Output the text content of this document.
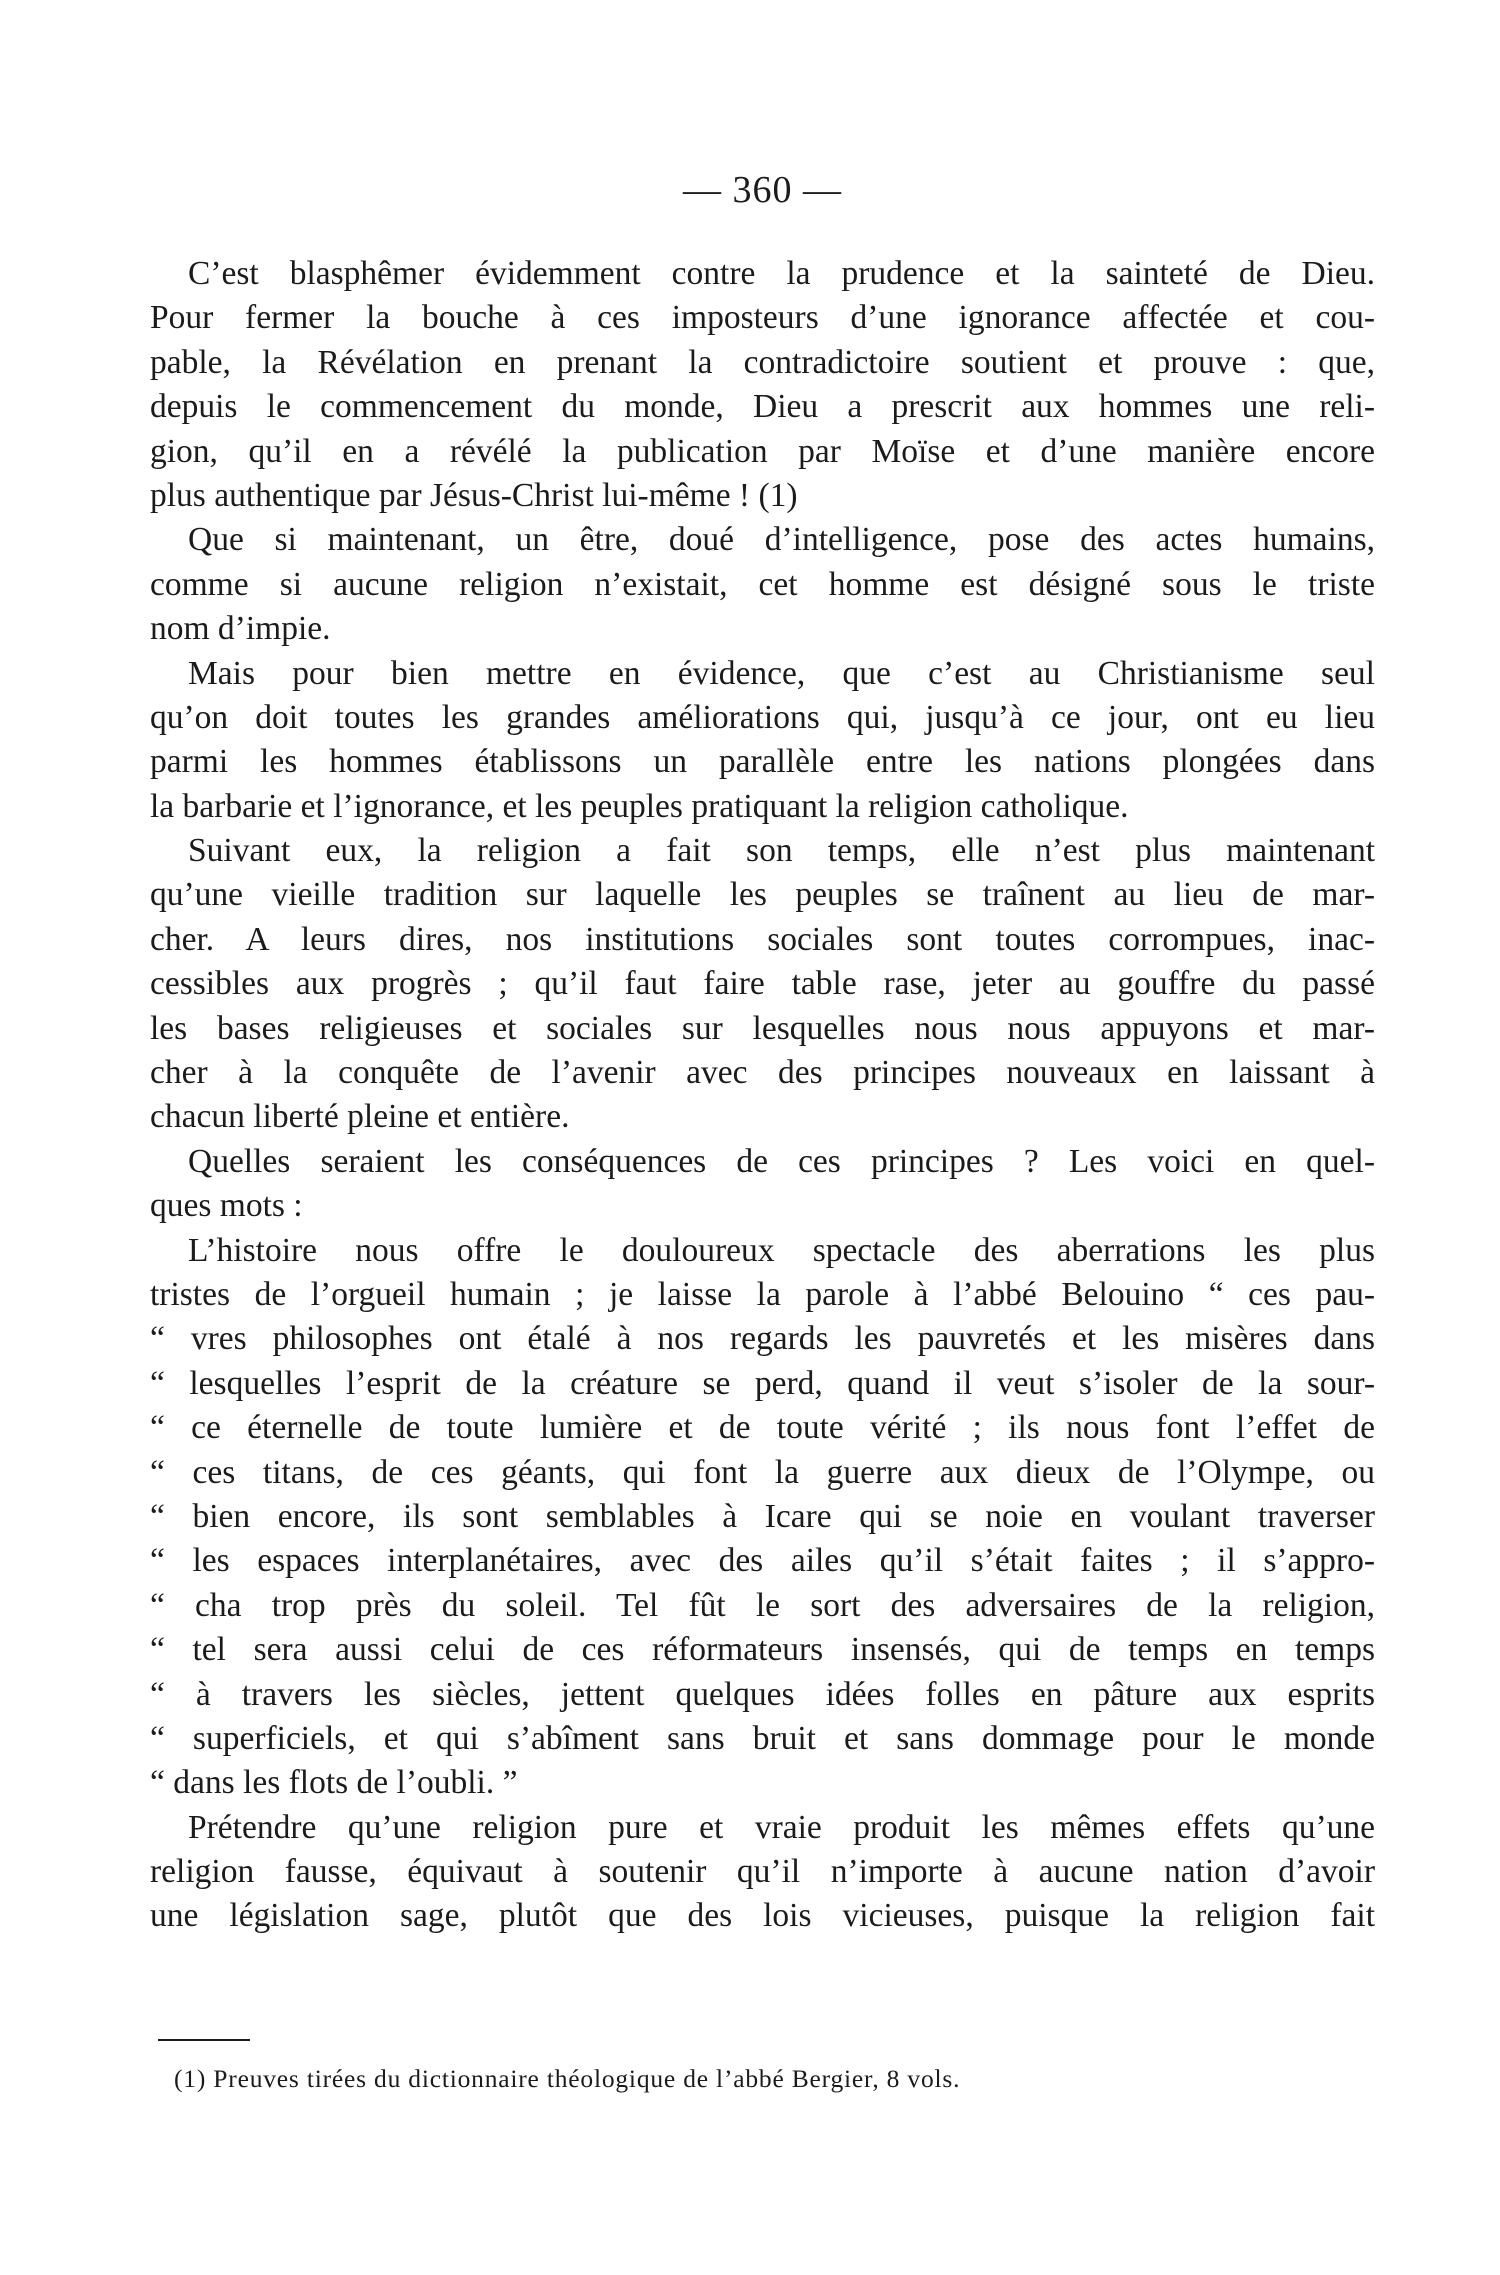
— 360 —
C’est blasphêmer évidemment contre la prudence et la sainteté de Dieu.
Pour fermer la bouche à ces imposteurs d’une ignorance affectée et cou-
pable, la Révélation en prenant la contradictoire soutient et prouve : que,
depuis le commencement du monde, Dieu a prescrit aux hommes une reli-
gion, qu’il en a révélé la publication par Moïse et d’une manière encore
plus authentique par Jésus-Christ lui-même ! (1)
Que si maintenant, un être, doué d’intelligence, pose des actes humains,
comme si aucune religion n’existait, cet homme est désigné sous le triste
nom d’impie.
Mais pour bien mettre en évidence, que c’est au Christianisme seul
qu’on doit toutes les grandes améliorations qui, jusqu’à ce jour, ont eu lieu
parmi les hommes établissons un parallèle entre les nations plongées dans
la barbarie et l’ignorance, et les peuples pratiquant la religion catholique.
Suivant eux, la religion a fait son temps, elle n’est plus maintenant
qu’une vieille tradition sur laquelle les peuples se traînent au lieu de mar-
cher. A leurs dires, nos institutions sociales sont toutes corrompues, inac-
cessibles aux progrès ; qu’il faut faire table rase, jeter au gouffre du passé
les bases religieuses et sociales sur lesquelles nous nous appuyons et mar-
cher à la conquête de l’avenir avec des principes nouveaux en laissant à
chacun liberté pleine et entière.
Quelles seraient les conséquences de ces principes ? Les voici en quel-
ques mots :
L’histoire nous offre le douloureux spectacle des aberrations les plus
tristes de l’orgueil humain ; je laisse la parole à l’abbé Belouino “ ces pau-
“ vres philosophes ont étalé à nos regards les pauvretés et les misères dans
“ lesquelles l’esprit de la créature se perd, quand il veut s’isoler de la sour-
“ ce éternelle de toute lumière et de toute vérité ; ils nous font l’effet de
“ ces titans, de ces géants, qui font la guerre aux dieux de l’Olympe, ou
“ bien encore, ils sont semblables à Icare qui se noie en voulant traverser
“ les espaces interplanétaires, avec des ailes qu’il s’était faites ; il s’appro-
“ cha trop près du soleil. Tel fût le sort des adversaires de la religion,
“ tel sera aussi celui de ces réformateurs insensés, qui de temps en temps
“ à travers les siècles, jettent quelques idées folles en pâture aux esprits
“ superficiels, et qui s’abîment sans bruit et sans dommage pour le monde
“ dans les flots de l’oubli. ”
Prétendre qu’une religion pure et vraie produit les mêmes effets qu’une
religion fausse, équivaut à soutenir qu’il n’importe à aucune nation d’avoir
une législation sage, plutôt que des lois vicieuses, puisque la religion fait
(1) Preuves tirées du dictionnaire théologique de l’abbé Bergier, 8 vols.
